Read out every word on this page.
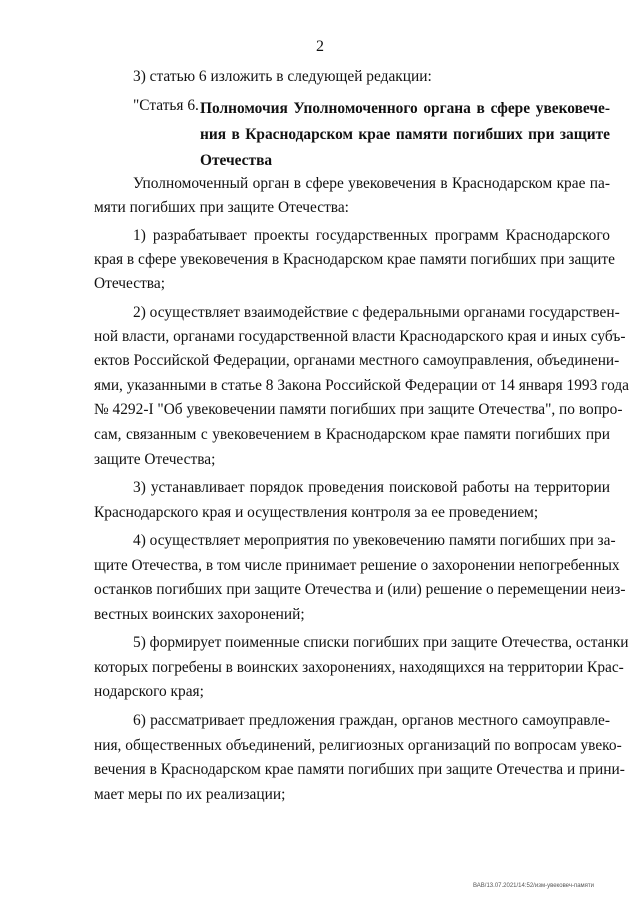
2
3) статью 6 изложить в следующей редакции:
"Статья 6. Полномочия Уполномоченного органа в сфере увековече-
ния в Краснодарском крае памяти погибших при защите
Отечества
Уполномоченный орган в сфере увековечения в Краснодарском крае па-
мяти погибших при защите Отечества:
1) разрабатывает проекты государственных программ Краснодарского
края в сфере увековечения в Краснодарском крае памяти погибших при защите
Отечества;
2) осуществляет взаимодействие с федеральными органами государствен-
ной власти, органами государственной власти Краснодарского края и иных субъ-
ектов Российской Федерации, органами местного самоуправления, объединени-
ями, указанными в статье 8 Закона Российской Федерации от 14 января 1993 года
№ 4292-I "Об увековечении памяти погибших при защите Отечества", по вопро-
сам, связанным с увековечением в Краснодарском крае памяти погибших при
защите Отечества;
3) устанавливает порядок проведения поисковой работы на территории
Краснодарского края и осуществления контроля за ее проведением;
4) осуществляет мероприятия по увековечению памяти погибших при за-
щите Отечества, в том числе принимает решение о захоронении непогребенных
останков погибших при защите Отечества и (или) решение о перемещении неиз-
вестных воинских захоронений;
5) формирует поименные списки погибших при защите Отечества, останки
которых погребены в воинских захоронениях, находящихся на территории Крас-
нодарского края;
6) рассматривает предложения граждан, органов местного самоуправле-
ния, общественных объединений, религиозных организаций по вопросам увеко-
вечения в Краснодарском крае памяти погибших при защите Отечества и прини-
мает меры по их реализации;
ВАВ/13.07.2021/14:52/изм-увековеч-памяти
